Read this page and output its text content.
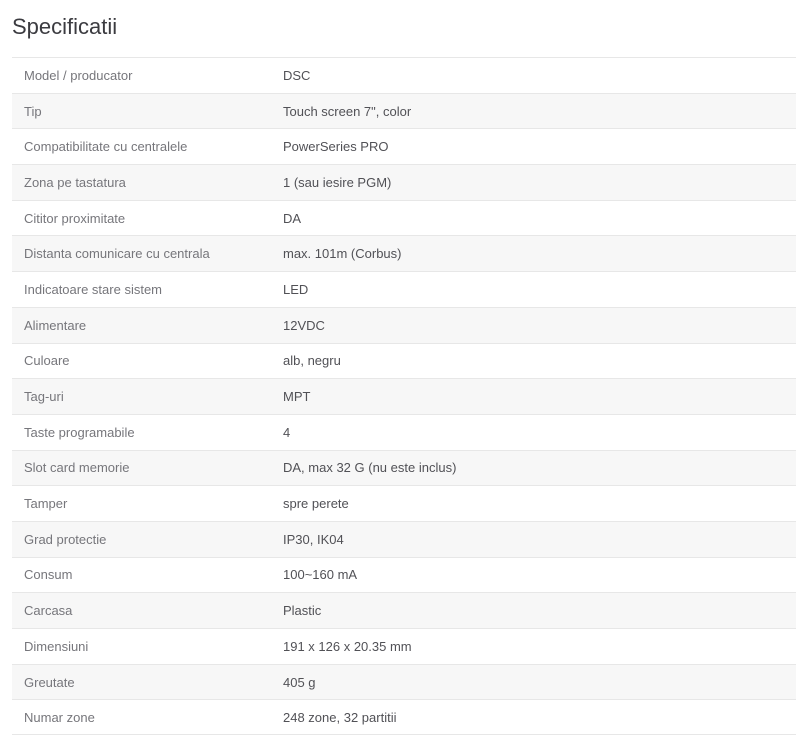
Specificatii
Model / producator	DSC
Tip	Touch screen 7", color
Compatibilitate cu centralele	PowerSeries PRO
Zona pe tastatura	1 (sau iesire PGM)
Cititor proximitate	DA
Distanta comunicare cu centrala	max. 101m (Corbus)
Indicatoare stare sistem	LED
Alimentare	12VDC
Culoare	alb, negru
Tag-uri	MPT
Taste programabile	4
Slot card memorie	DA, max 32 G (nu este inclus)
Tamper	spre perete
Grad protectie	IP30, IK04
Consum	100~160 mA
Carcasa	Plastic
Dimensiuni	191 x 126 x 20.35 mm
Greutate	405 g
Numar zone	248 zone, 32 partitii
